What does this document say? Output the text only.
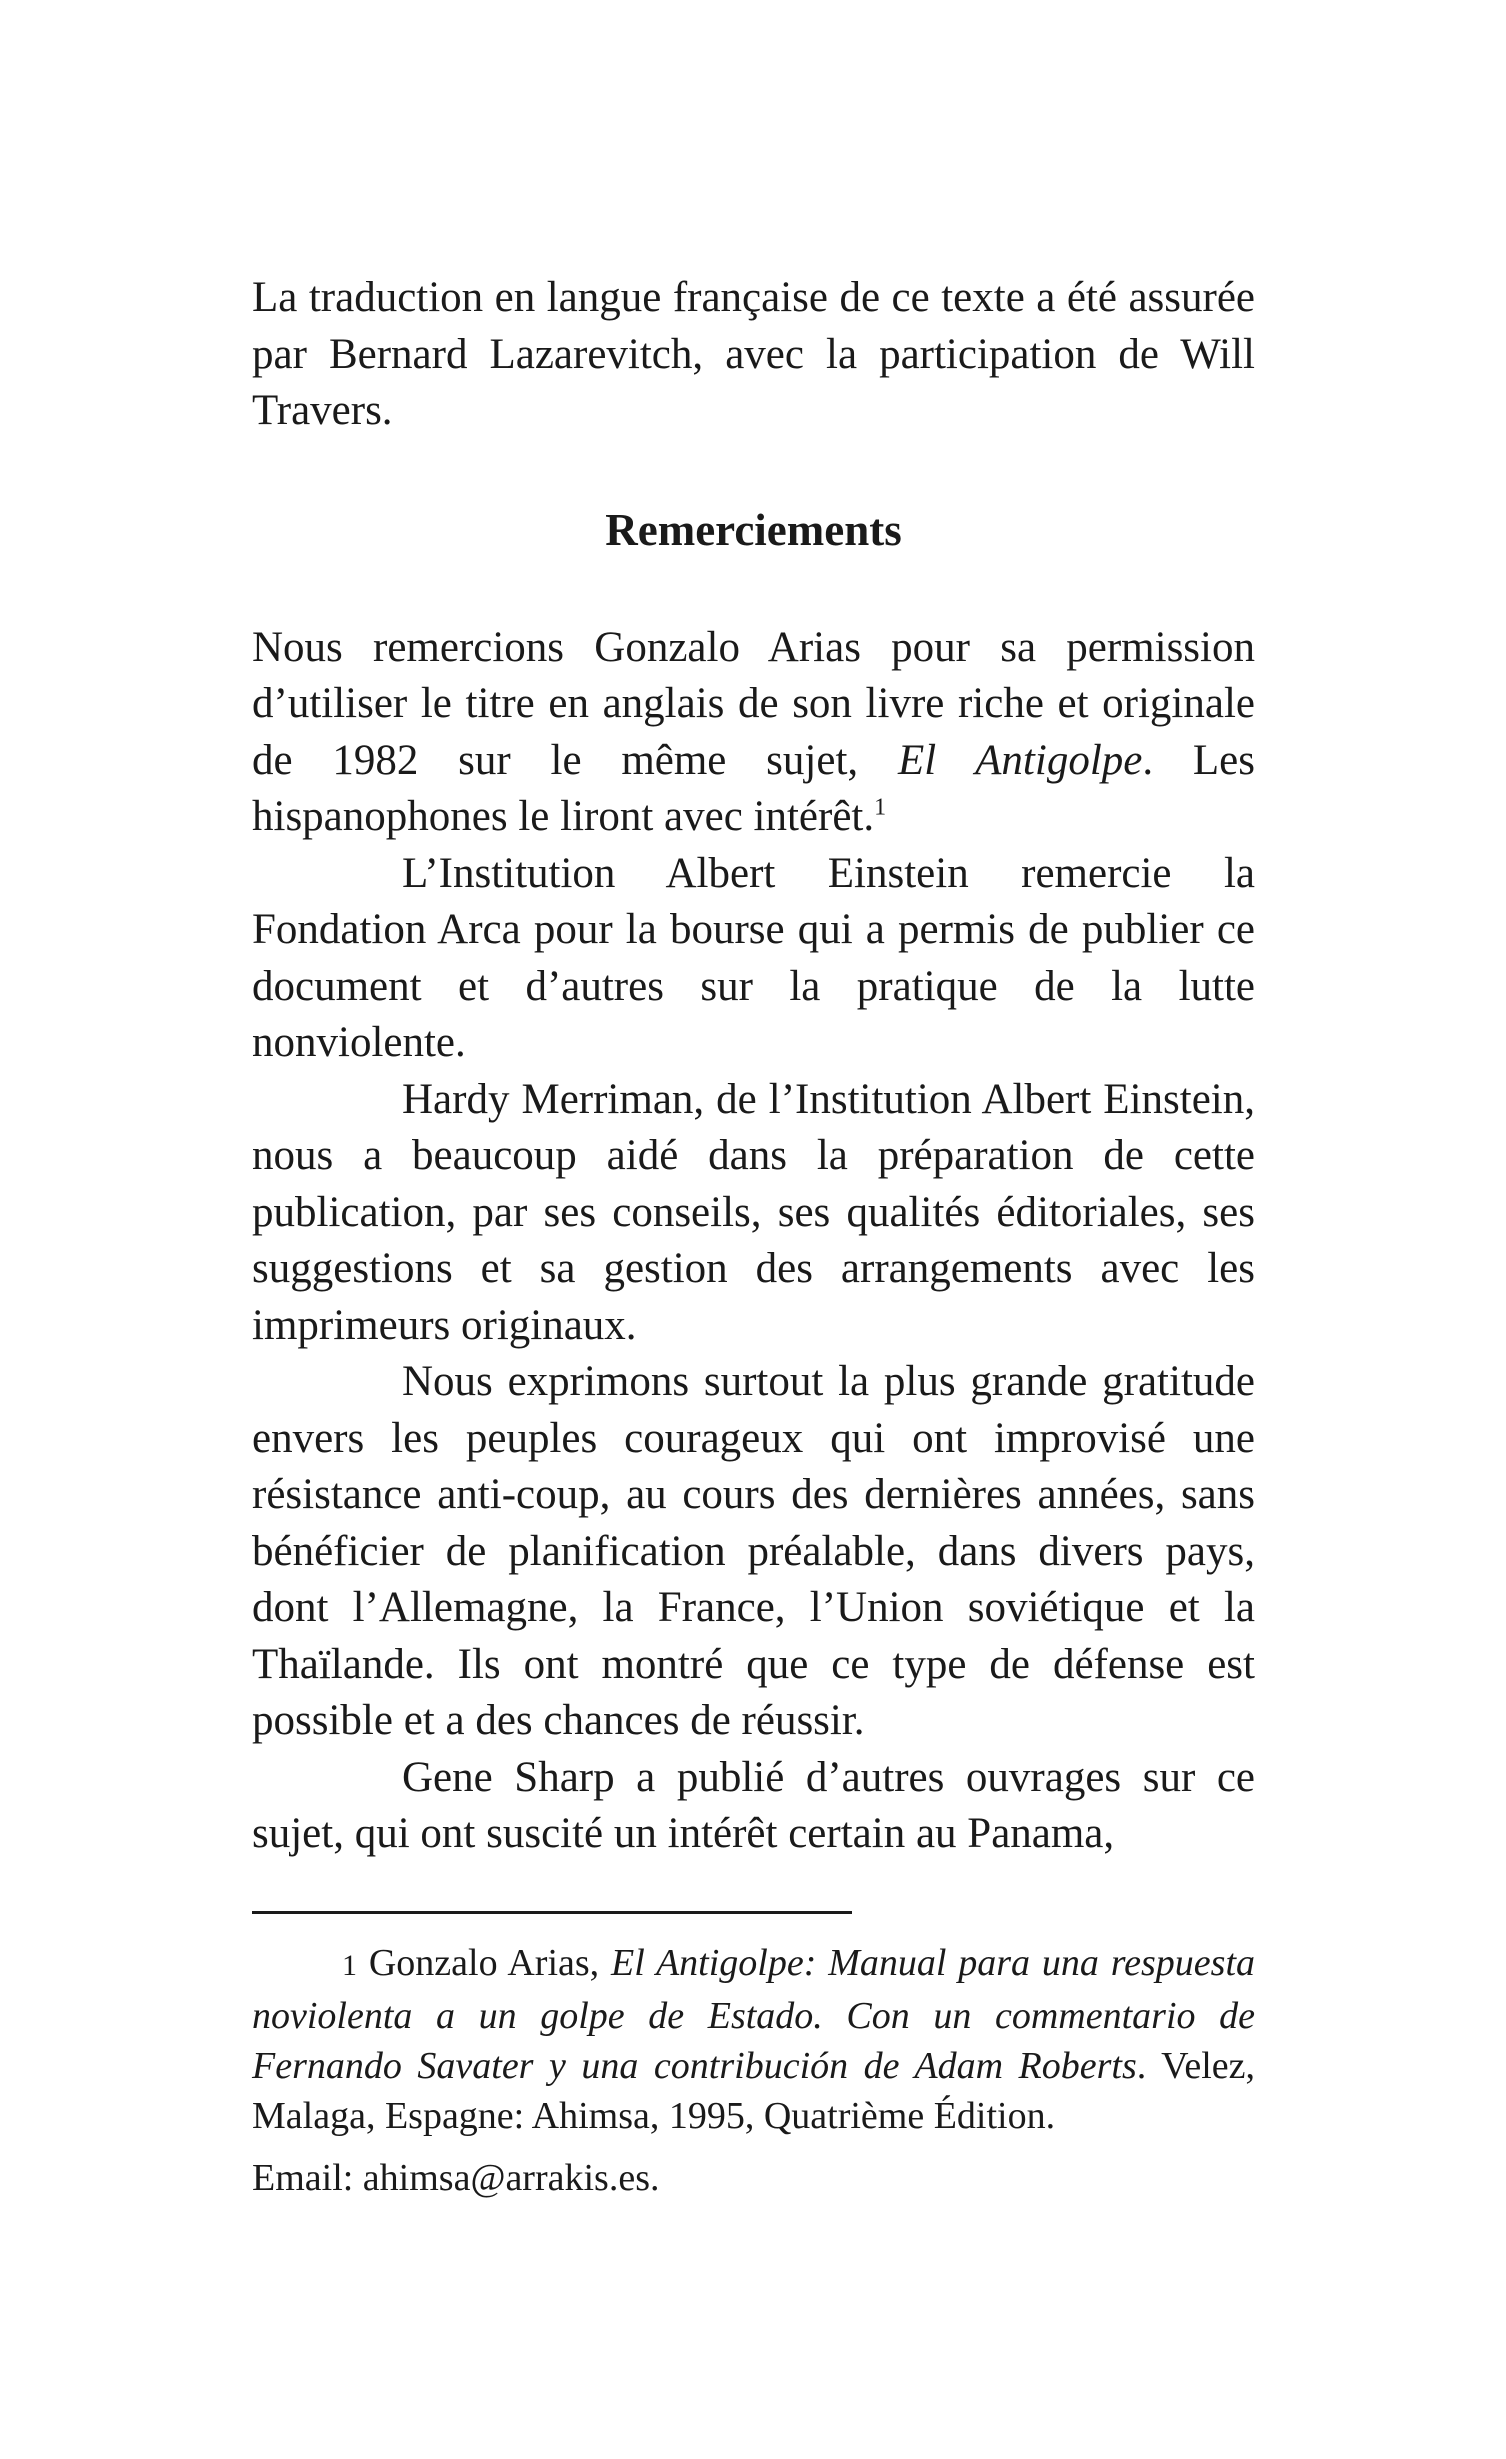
La traduction en langue française de ce texte a été assurée par Bernard Lazarevitch, avec la participation de Will Travers.

Remerciements

Nous remercions Gonzalo Arias pour sa permission d’utiliser le titre en anglais de son livre riche et originale de 1982 sur le même sujet, El Antigolpe. Les hispanophones le liront avec intérêt.$^1$

L’Institution Albert Einstein remercie la Fondation Arca pour la bourse qui a permis de publier ce document et d’autres sur la pratique de la lutte nonviolente.

Hardy Merriman, de l’Institution Albert Einstein, nous a beaucoup aidé dans la préparation de cette publication, par ses conseils, ses qualités éditoriales, ses suggestions et sa gestion des arrangements avec les imprimeurs originaux.

Nous exprimons surtout la plus grande gratitude envers les peuples courageux qui ont improvisé une résistance anti-coup, au cours des dernières années, sans bénéficier de planification préalable, dans divers pays, dont l’Allemagne, la France, l’Union soviétique et la Thaïlande. Ils ont montré que ce type de défense est possible et a des chances de réussir.

Gene Sharp a publié d’autres ouvrages sur ce sujet, qui ont suscité un intérêt certain au Panama,

1 Gonzalo Arias, El Antigolpe: Manual para una respuesta noviolenta a un golpe de Estado. Con un commentario de Fernando Savater y una contribución de Adam Roberts. Velez, Malaga, Espagne: Ahimsa, 1995, Quatrième Édition.

Email: ahimsa@arrakis.es.
